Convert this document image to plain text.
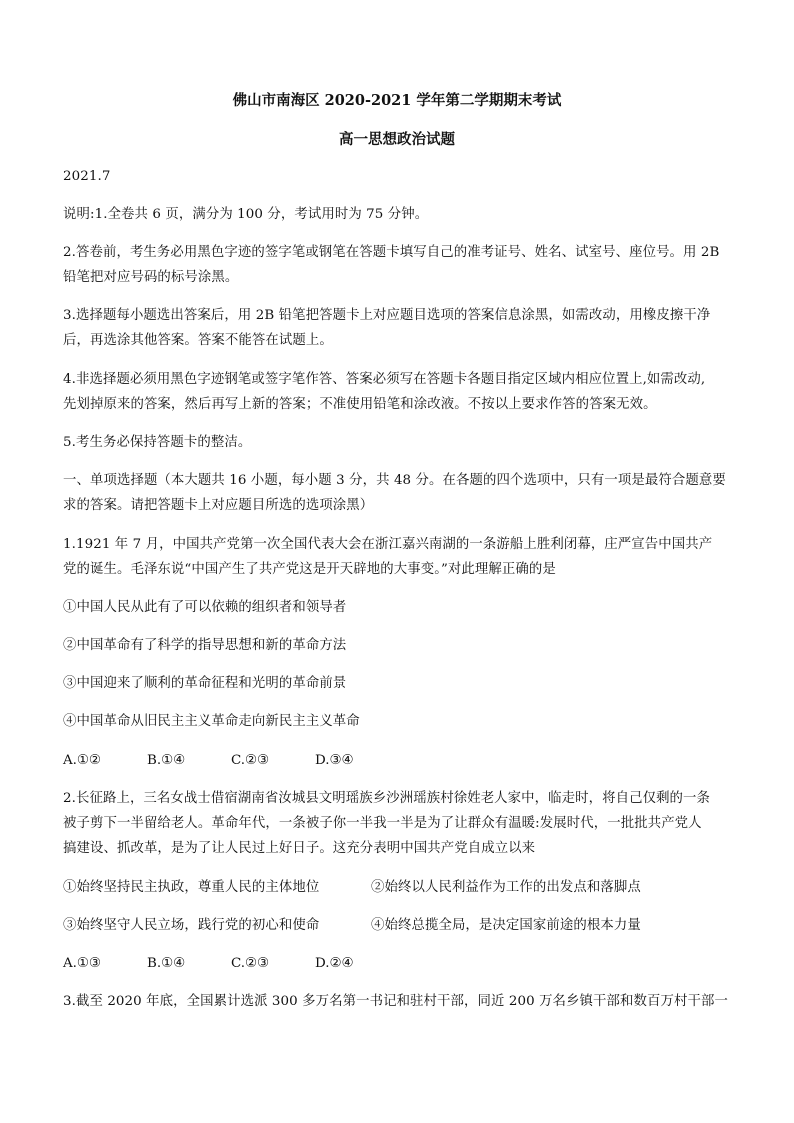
佛山市南海区 2020-2021 学年第二学期期末考试
高一思想政治试题
2021.7
说明:1.全卷共 6 页，满分为 100 分，考试用时为 75 分钟。
2.答卷前，考生务必用黑色字迹的签字笔或钢笔在答题卡填写自己的准考证号、姓名、试室号、座位号。用 2B
铅笔把对应号码的标号涂黑。
3.选择题每小题选出答案后，用 2B 铅笔把答题卡上对应题目选项的答案信息涂黑，如需改动，用橡皮擦干净
后，再选涂其他答案。答案不能答在试题上。
4.非选择题必须用黑色字迹钢笔或签字笔作答、答案必须写在答题卡各题目指定区域内相应位置上,如需改动,
先划掉原来的答案，然后再写上新的答案；不准使用铅笔和涂改液。不按以上要求作答的答案无效。
5.考生务必保持答题卡的整洁。
一、单项选择题（本大题共 16 小题，每小题 3 分，共 48 分。在各题的四个选项中，只有一项是最符合题意要
求的答案。请把答题卡上对应题目所选的选项涂黑）
1.1921 年 7 月，中国共产党第一次全国代表大会在浙江嘉兴南湖的一条游船上胜利闭幕，庄严宣告中国共产
党的诞生。毛泽东说“中国产生了共产党这是开天辟地的大事变。”对此理解正确的是
①中国人民从此有了可以依赖的组织者和领导者
②中国革命有了科学的指导思想和新的革命方法
③中国迎来了顺利的革命征程和光明的革命前景
④中国革命从旧民主主义革命走向新民主主义革命
A.①②	B.①④	C.②③	D.③④
2.长征路上，三名女战士借宿湖南省汝城县文明瑶族乡沙洲瑶族村徐姓老人家中，临走时，将自己仅剩的一条
被子剪下一半留给老人。革命年代，一条被子你一半我一半是为了让群众有温暖:发展时代，一批批共产党人
搞建设、抓改革，是为了让人民过上好日子。这充分表明中国共产党自成立以来
①始终坚持民主执政，尊重人民的主体地位	②始终以人民利益作为工作的出发点和落脚点
③始终坚守人民立场，践行党的初心和使命	④始终总揽全局，是决定国家前途的根本力量
A.①③	B.①④	C.②③	D.②④
3.截至 2020 年底，全国累计选派 300 多万名第一书记和驻村干部，同近 200 万名乡镇干部和数百万村干部一
